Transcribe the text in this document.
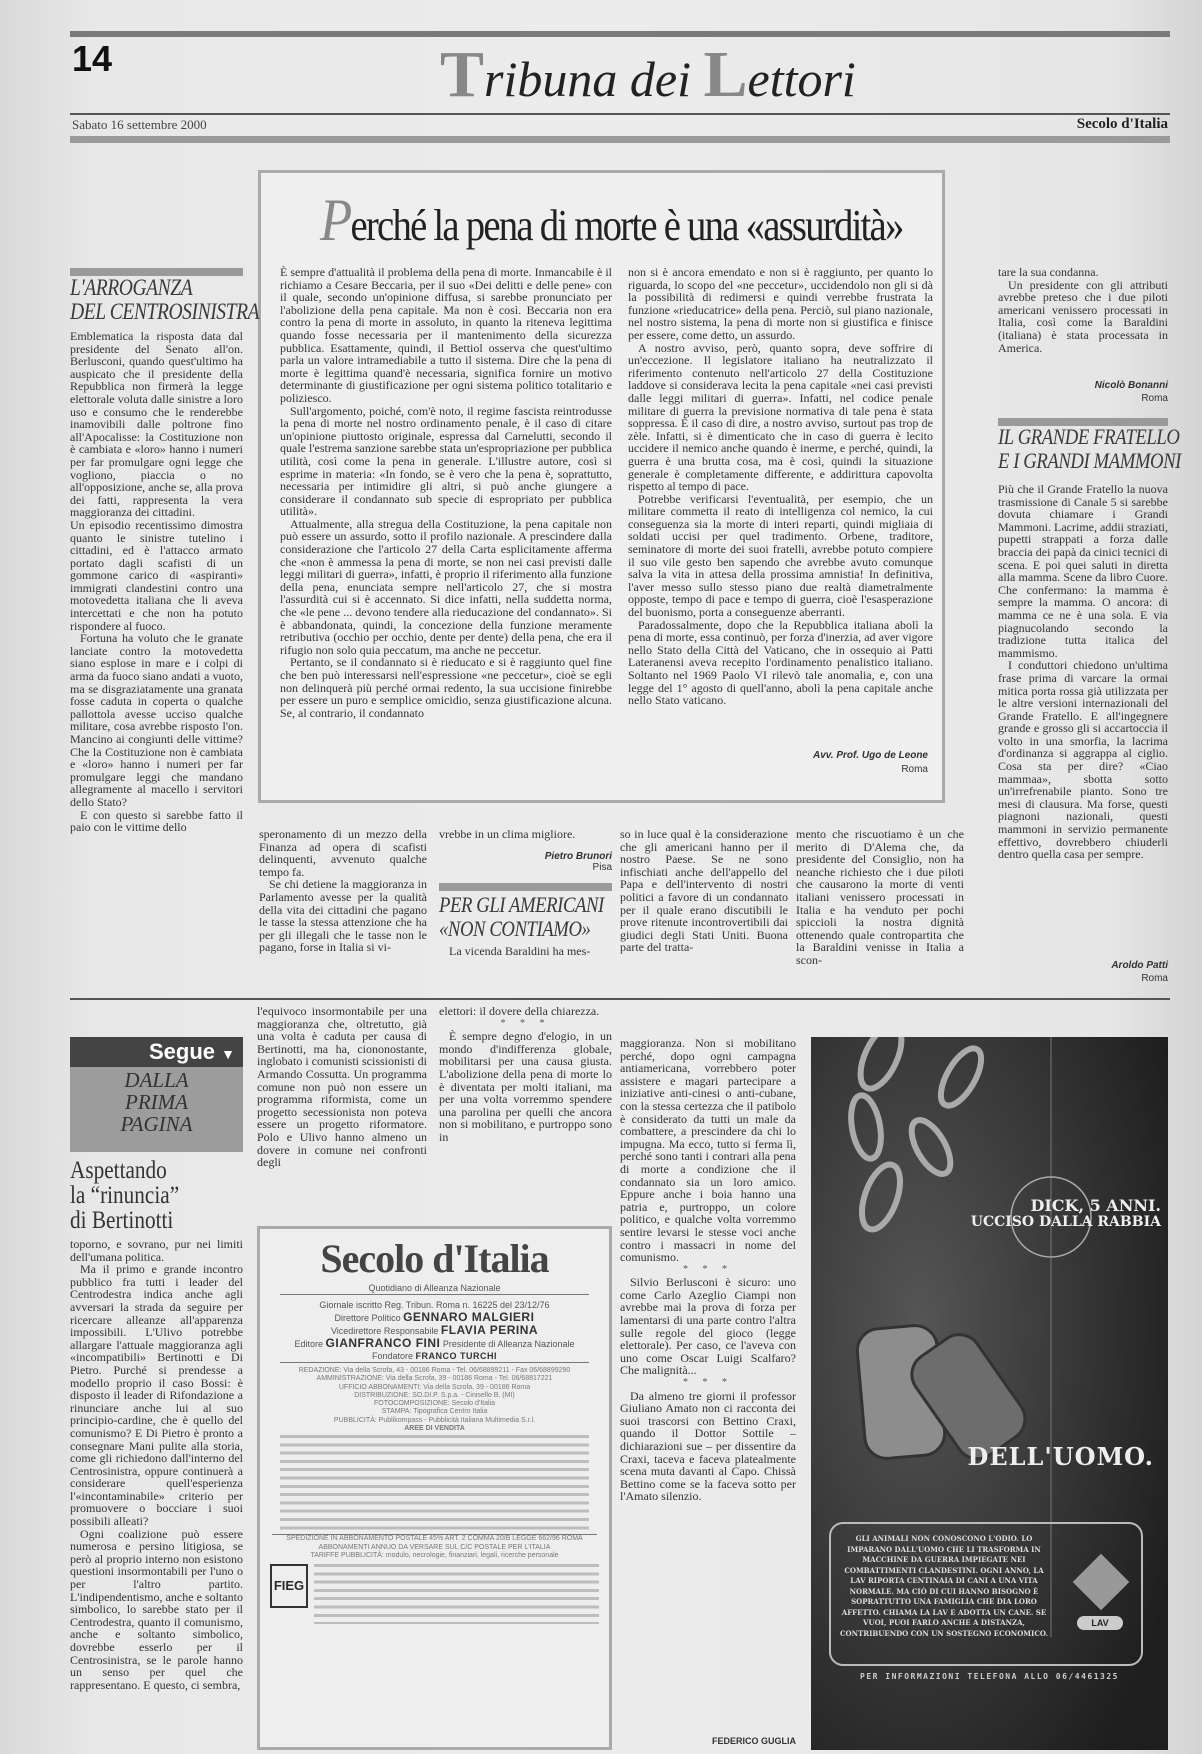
14	Tribuna dei Lettori
Sabato 16 settembre 2000	Secolo d'Italia
Perché la pena di morte è una «assurdità»

È sempre d'attualità il problema della pena di morte. Inmancabile è il richiamo a Cesare Beccaria, per il suo «Dei delitti e delle pene» con il quale, secondo un'opinione diffusa, si sarebbe pronunciato per l'abolizione della pena capitale. Ma non è così. Beccaria non era contro la pena di morte in assoluto, in quanto la riteneva legittima quando fosse necessaria per il mantenimento della sicurezza pubblica. Esattamente, quindi, il Bettiol osserva che quest'ultimo parla un valore intramediabile a tutto il sistema. Dire che la pena di morte è legittima quand'è necessaria, significa fornire un motivo determinante di giustificazione per ogni sistema politico totalitario e poliziesco.

Sull'argomento, poiché, com'è noto, il regime fascista reintrodusse la pena di morte nel nostro ordinamento penale, è il caso di citare un'opinione piuttosto originale, espressa dal Carnelutti, secondo il quale l'estrema sanzione sarebbe stata un'espropriazione per pubblica utilità, così come la pena in generale. L'illustre autore, così si esprime in materia: «In fondo, se è vero che la pena è, soprattutto, necessaria per intimidire gli altri, si può anche giungere a considerare il condannato sub specie di espropriato per pubblica utilità».

Attualmente, alla stregua della Costituzione, la pena capitale non può essere un assurdo, sotto il profilo nazionale. A prescindere dalla considerazione che l'articolo 27 della Carta esplicitamente afferma che «non è ammessa la pena di morte, se non nei casi previsti dalle leggi militari di guerra», infatti, è proprio il riferimento alla funzione della pena, enunciata sempre nell'articolo 27, che si mostra l'assurdità cui si è accennato. Si dice infatti, nella suddetta norma, che «le pene ... devono tendere alla rieducazione del condannato». Si è abbandonata, quindi, la concezione della funzione meramente retributiva (occhio per occhio, dente per dente) della pena, che era il rifugio non solo quia peccatum, ma anche ne peccetur.

Pertanto, se il condannato si è rieducato e si è raggiunto quel fine che ben può interessarsi nell'espressione «ne peccetur», cioè se egli non delinquerà più perché ormai redento, la sua uccisione finirebbe per essere un puro e semplice omicidio, senza giustificazione alcuna. Se, al contrario, il condannato

non si è ancora emendato e non si è raggiunto, per quanto lo riguarda, lo scopo del «ne peccetur», uccidendolo non gli si dà la possibilità di redimersi e quindi verrebbe frustrata la funzione «rieducatrice» della pena. Perciò, sul piano nazionale, nel nostro sistema, la pena di morte non si giustifica e finisce per essere, come detto, un assurdo.

A nostro avviso, però, quanto sopra, deve soffrire di un'eccezione. Il legislatore italiano ha neutralizzato il riferimento contenuto nell'articolo 27 della Costituzione laddove si considerava lecita la pena capitale «nei casi previsti dalle leggi militari di guerra». Infatti, nel codice penale militare di guerra la previsione normativa di tale pena è stata soppressa. È il caso di dire, a nostro avviso, surtout pas trop de zèle. Infatti, si è dimenticato che in caso di guerra è lecito uccidere il nemico anche quando è inerme, e perché, quindi, la guerra è una brutta cosa, ma è così, quindi la situazione generale è completamente differente, e addirittura capovolta rispetto al tempo di pace.

Potrebbe verificarsi l'eventualità, per esempio, che un militare commetta il reato di intelligenza col nemico, la cui conseguenza sia la morte di interi reparti, quindi migliaia di soldati uccisi per quel tradimento. Orbene, traditore, seminatore di morte dei suoi fratelli, avrebbe potuto compiere il suo vile gesto ben sapendo che avrebbe avuto comunque salva la vita in attesa della prossima amnistia! In definitiva, l'aver messo sullo stesso piano due realtà diametralmente opposte, tempo di pace e tempo di guerra, cioè l'esasperazione del buonismo, porta a conseguenze aberranti.

Paradossalmente, dopo che la Repubblica italiana abolì la pena di morte, essa continuò, per forza d'inerzia, ad aver vigore nello Stato della Città del Vaticano, che in ossequio ai Patti Lateranensi aveva recepito l'ordinamento penalistico italiano. Soltanto nel 1969 Paolo VI rilevò tale anomalia, e, con una legge del 1° agosto di quell'anno, abolì la pena capitale anche nello Stato vaticano.

Avv. Prof. Ugo de Leone
Roma
L'ARROGANZA
DEL CENTROSINISTRA

Emblematica la risposta data dal presidente del Senato all'on. Berlusconi, quando quest'ultimo ha auspicato che il presidente della Repubblica non firmerà la legge elettorale voluta dalle sinistre a loro uso e consumo che le renderebbe inamovibili dalle poltrone fino all'Apocalisse: la Costituzione non è cambiata e «loro» hanno i numeri per far promulgare ogni legge che vogliono, piaccia o no all'opposizione, anche se, alla prova dei fatti, rappresenta la vera maggioranza dei cittadini.

Un episodio recentissimo dimostra quanto le sinistre tutelino i cittadini, ed è l'attacco armato portato dagli scafisti di un gommone carico di «aspiranti» immigrati clandestini contro una motovedetta italiana che li aveva intercettati e che non ha potuto rispondere al fuoco.

Fortuna ha voluto che le granate lanciate contro la motovedetta siano esplose in mare e i colpi di arma da fuoco siano andati a vuoto, ma se disgraziatamente una granata fosse caduta in coperta o qualche pallottola avesse ucciso qualche militare, cosa avrebbe risposto l'on. Mancino ai congiunti delle vittime? Che la Costituzione non è cambiata e «loro» hanno i numeri per far promulgare leggi che mandano allegramente al macello i servitori dello Stato?

E con questo si sarebbe fatto il paio con le vittime dello	speronamento di un mezzo della Finanza ad opera di scafisti delinquenti, avvenuto qualche tempo fa.

Se chi detiene la maggioranza in Parlamento avesse per la qualità della vita dei cittadini che pagano le tasse la stessa attenzione che ha per gli illegali che le tasse non le pagano, forse in Italia si vi-

vrebbe in un clima migliore.

Pietro Brunori
Pisa
PER GLI AMERICANI
«NON CONTIAMO»

La vicenda Baraldini ha mes-

so in luce qual è la considerazione che gli americani hanno per il nostro Paese. Se ne sono infischiati anche dell'appello del Papa e dell'intervento di nostri politici a favore di un condannato per il quale erano discutibili le prove ritenute incontrovertibili dai giudici degli Stati Uniti. Buona parte del tratta-

mento che riscuotiamo è un che merito di D'Alema che, da presidente del Consiglio, non ha neanche richiesto che i due piloti che causarono la morte di venti italiani venissero processati in Italia e ha venduto per pochi spiccioli la nostra dignità ottenendo quale contropartita che la Baraldini venisse in Italia a scon-

tare la sua condanna.

Un presidente con gli attributi avrebbe preteso che i due piloti americani venissero processati in Italia, così come la Baraldini (italiana) è stata processata in America.

Nicolò Bonanni
Roma
IL GRANDE FRATELLO
E I GRANDI MAMMONI

Più che il Grande Fratello la nuova trasmissione di Canale 5 si sarebbe dovuta chiamare i Grandi Mammoni. Lacrime, addii straziati, pupetti strappati a forza dalle braccia dei papà da cinici tecnici di scena. E poi quei saluti in diretta alla mamma. Scene da libro Cuore. Che confermano: la mamma è sempre la mamma. O ancora: di mamma ce ne è una sola. E via piagnucolando secondo la tradizione tutta italica del mammismo.

I conduttori chiedono un'ultima frase prima di varcare la ormai mitica porta rossa già utilizzata per le altre versioni internazionali del Grande Fratello. E all'ingegnere grande e grosso gli si accartoccia il volto in una smorfia, la lacrima d'ordinanza si aggrappa al ciglio. Cosa sta per dire? «Ciao mammaa», sbotta sotto un'irrefrenabile pianto. Sono tre mesi di clausura. Ma forse, questi piagnoni nazionali, questi mammoni in servizio permanente effettivo, dovrebbero chiuderli dentro quella casa per sempre.

Aroldo Patti
Roma
Segue ▼
DALLA
PRIMA
PAGINA
Aspettando
la “rinuncia”
di Bertinotti

toporno, e sovrano, pur nei limiti dell'umana politica.

Ma il primo e grande incontro pubblico fra tutti i leader del Centrodestra indica anche agli avversari la strada da seguire per ricercare alleanze all'apparenza impossibili. L'Ulivo potrebbe allargare l'attuale maggioranza agli «incompatibili» Bertinotti e Di Pietro. Purché si prendesse a modello proprio il caso Bossi: è disposto il leader di Rifondazione a rinunciare anche lui al suo principio-cardine, che è quello del comunismo? E Di Pietro è pronto a consegnare Mani pulite alla storia, come gli richiedono dall'interno del Centrosinistra, oppure continuerà a considerare quell'esperienza l'«incontaminabile» criterio per promuovere o bocciare i suoi possibili alleati?

Ogni coalizione può essere numerosa e persino litigiosa, se però al proprio interno non esistono questioni insormontabili per l'uno o per l'altro partito. L'indipendentismo, anche e soltanto simbolico, lo sarebbe stato per il Centrodestra, quanto il comunismo, anche e soltanto simbolico, dovrebbe esserlo per il Centrosinistra, se le parole hanno un senso per quel che rappresentano. E questo, ci sembra,

l'equivoco insormontabile per una maggioranza che, oltretutto, già una volta è caduta per causa di Bertinotti, ma ha, ciononostante, inglobato i comunisti scissionisti di Armando Cossutta. Un programma comune non può non essere un programma riformista, come un progetto secessionista non poteva essere un progetto riformatore. Polo e Ulivo hanno almeno un dovere in comune nei confronti degli

elettori: il dovere della chiarezza.

* * *

È sempre degno d'elogio, in un mondo d'indifferenza globale, mobilitarsi per una causa giusta. L'abolizione della pena di morte lo è diventata per molti italiani, ma per una volta vorremmo spendere una parolina per quelli che ancora non si mobilitano, e purtroppo sono in

maggioranza. Non si mobilitano perché, dopo ogni campagna antiamericana, vorrebbero poter assistere e magari partecipare a iniziative anti-cinesi o anti-cubane, con la stessa certezza che il patibolo è considerato da tutti un male da combattere, a prescindere da chi lo impugna. Ma ecco, tutto si ferma lì, perché sono tanti i contrari alla pena di morte a condizione che il condannato sia un loro amico. Eppure anche i boia hanno una patria e, purtroppo, un colore politico, e qualche volta vorremmo sentire levarsi le stesse voci anche contro i massacri in nome del comunismo.

* * *

Silvio Berlusconi è sicuro: uno come Carlo Azeglio Ciampi non avrebbe mai la prova di forza per lamentarsi di una parte contro l'altra sulle regole del gioco (legge elettorale). Per caso, ce l'aveva con uno come Oscar Luigi Scalfaro? Che malignità...

* * *

Da almeno tre giorni il professor Giuliano Amato non ci racconta dei suoi trascorsi con Bettino Craxi, quando il Dottor Sottile – dichiarazioni sue – per dissentire da Craxi, taceva e faceva platealmente scena muta davanti al Capo. Chissà Bettino come se la faceva sotto per l'Amato silenzio.

FEDERICO GUGLIA
Secolo d'Italia
Quotidiano di Alleanza Nazionale
Giornale iscritto Reg. Tribun. Roma n. 16225 del 23/12/76
Direttore Politico GENNARO MALGIERI
Vicedirettore Responsabile FLAVIA PERINA
Editore GIANFRANCO FINI Presidente di Alleanza Nazionale
Fondatore FRANCO TURCHI
REDAZIONE: Via della Scrofa, 43 - 00186 Roma - Tel. 06/68899211 - Fax 06/68899290
AMMINISTRAZIONE: Via della Scrofa, 39 - 00186 Roma - Tel. 06/68817221
UFFICIO ABBONAMENTI: Via della Scrofa, 39 - 00186 Roma
DISTRIBUZIONE: SO.DI.P. S.p.a. - Cinisello B. (MI)
FOTOCOMPOSIZIONE: Secolo d'Italia
STAMPA: Tipografica Centro Italia
PUBBLICITÀ: Publikompass - Pubblicità Italiana Multimedia S.r.l.
AREE DI VENDITA
SPEDIZIONE IN ABBONAMENTO POSTALE 45% ART. 2 COMMA 20/B LEGGE 662/96 ROMA
ABBONAMENTI ANNUO DA VERSARE SUL C/C POSTALE PER L'ITALIA
TARIFFE PUBBLICITÀ: modulo, necrologie, finanziari, legali, ricerche personale
FIEG
DICK, 5 ANNI.
UCCISO DALLA RABBIA
DELL'UOMO.
GLI ANIMALI NON CONOSCONO L'ODIO. LO IMPARANO DALL'UOMO CHE LI TRASFORMA IN MACCHINE DA GUERRA IMPIEGATE NEI COMBATTIMENTI CLANDESTINI. OGNI ANNO, LA LAV RIPORTA CENTINAIA DI CANI A UNA VITA NORMALE. MA CIÒ DI CUI HANNO BISOGNO È SOPRATTUTTO UNA FAMIGLIA CHE DIA LORO AFFETTO. CHIAMA LA LAV E ADOTTA UN CANE. SE VUOI, PUOI FARLO ANCHE A DISTANZA, CONTRIBUENDO CON UN SOSTEGNO ECONOMICO.
LAV
PER INFORMAZIONI TELEFONA ALLO 06/4461325
